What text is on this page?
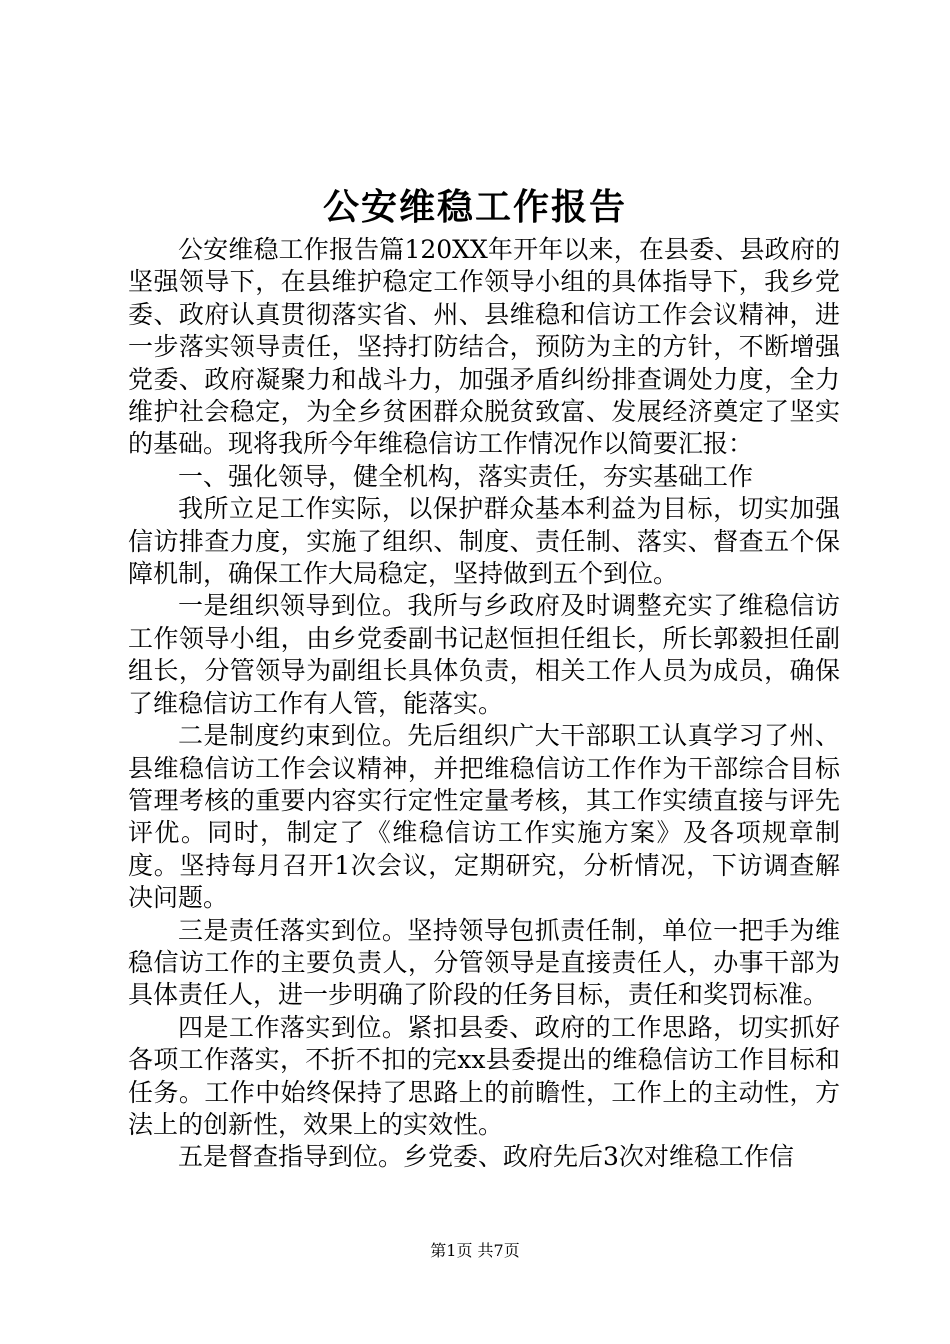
公安维稳工作报告

公安维稳工作报告篇120XX年开年以来，在县委、县政府的坚强领导下，在县维护稳定工作领导小组的具体指导下，我乡党委、政府认真贯彻落实省、州、县维稳和信访工作会议精神，进一步落实领导责任，坚持打防结合，预防为主的方针，不断增强党委、政府凝聚力和战斗力，加强矛盾纠纷排查调处力度，全力维护社会稳定，为全乡贫困群众脱贫致富、发展经济奠定了坚实的基础。现将我所今年维稳信访工作情况作以简要汇报：

一、强化领导，健全机构，落实责任，夯实基础工作

我所立足工作实际，以保护群众基本利益为目标，切实加强信访排查力度，实施了组织、制度、责任制、落实、督查五个保障机制，确保工作大局稳定，坚持做到五个到位。

一是组织领导到位。我所与乡政府及时调整充实了维稳信访工作领导小组，由乡党委副书记赵恒担任组长，所长郭毅担任副组长，分管领导为副组长具体负责，相关工作人员为成员，确保了维稳信访工作有人管，能落实。

二是制度约束到位。先后组织广大干部职工认真学习了州、县维稳信访工作会议精神，并把维稳信访工作作为干部综合目标管理考核的重要内容实行定性定量考核，其工作实绩直接与评先评优。同时，制定了《维稳信访工作实施方案》及各项规章制度。坚持每月召开1次会议，定期研究，分析情况，下访调查解决问题。

三是责任落实到位。坚持领导包抓责任制，单位一把手为维稳信访工作的主要负责人，分管领导是直接责任人，办事干部为具体责任人，进一步明确了阶段的任务目标，责任和奖罚标准。

四是工作落实到位。紧扣县委、政府的工作思路，切实抓好各项工作落实，不折不扣的完xx县委提出的维稳信访工作目标和任务。工作中始终保持了思路上的前瞻性，工作上的主动性，方法上的创新性，效果上的实效性。

五是督查指导到位。乡党委、政府先后3次对维稳工作信

第1页 共7页
